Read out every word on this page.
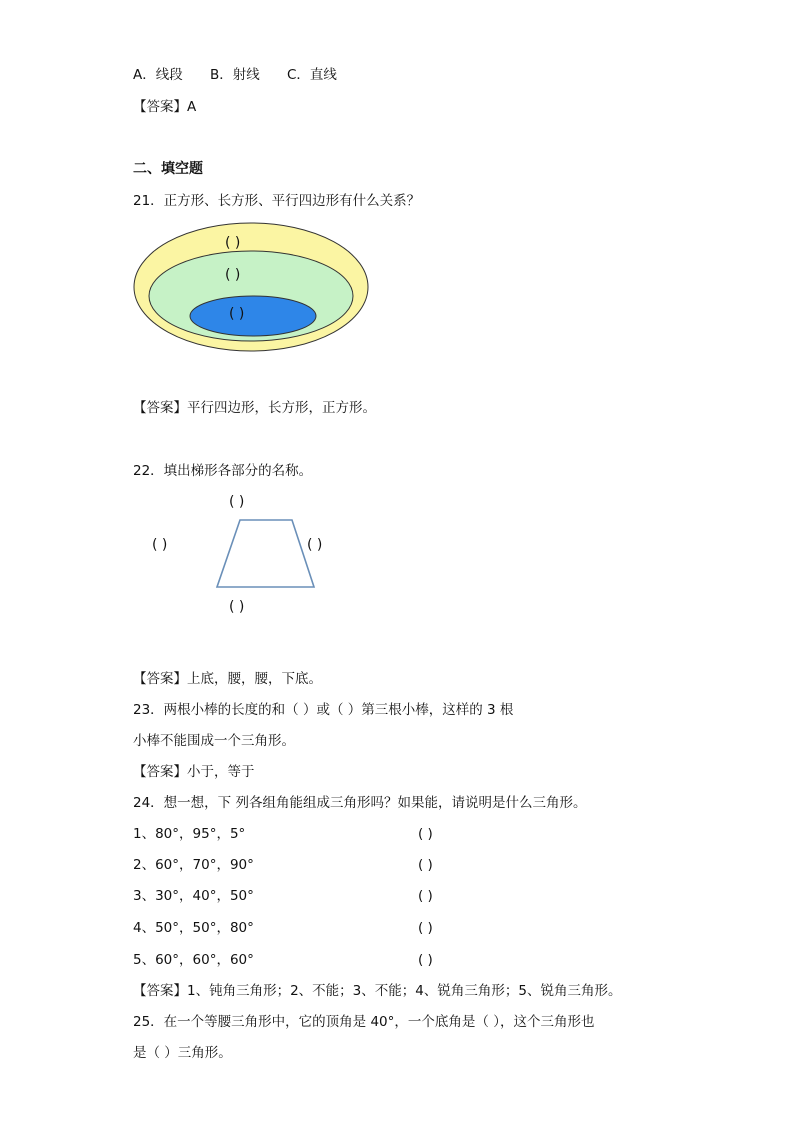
A．线段 B．射线 C．直线
【答案】A
二、填空题
21．正方形、长方形、平行四边形有什么关系？
( )
( )
( )
【答案】平行四边形，长方形，正方形。
22．填出梯形各部分的名称。
( )
( )	( )
( )
【答案】上底，腰，腰，下底。
23．两根小棒的长度的和（ ）或（ ）第三根小棒，这样的 3 根
小棒不能围成一个三角形。
【答案】小于，等于
24．想一想，下 列各组角能组成三角形吗？如果能，请说明是什么三角形。
1、80°，95°，5°	( )
2、60°，70°，90°	( )
3、30°，40°，50°	( )
4、50°，50°，80°	( )
5、60°，60°，60°	( )
【答案】1、钝角三角形；2、不能；3、不能；4、锐角三角形；5、锐角三角形。
25．在一个等腰三角形中，它的顶角是 40°，一个底角是（ ），这个三角形也
是（ ）三角形。
